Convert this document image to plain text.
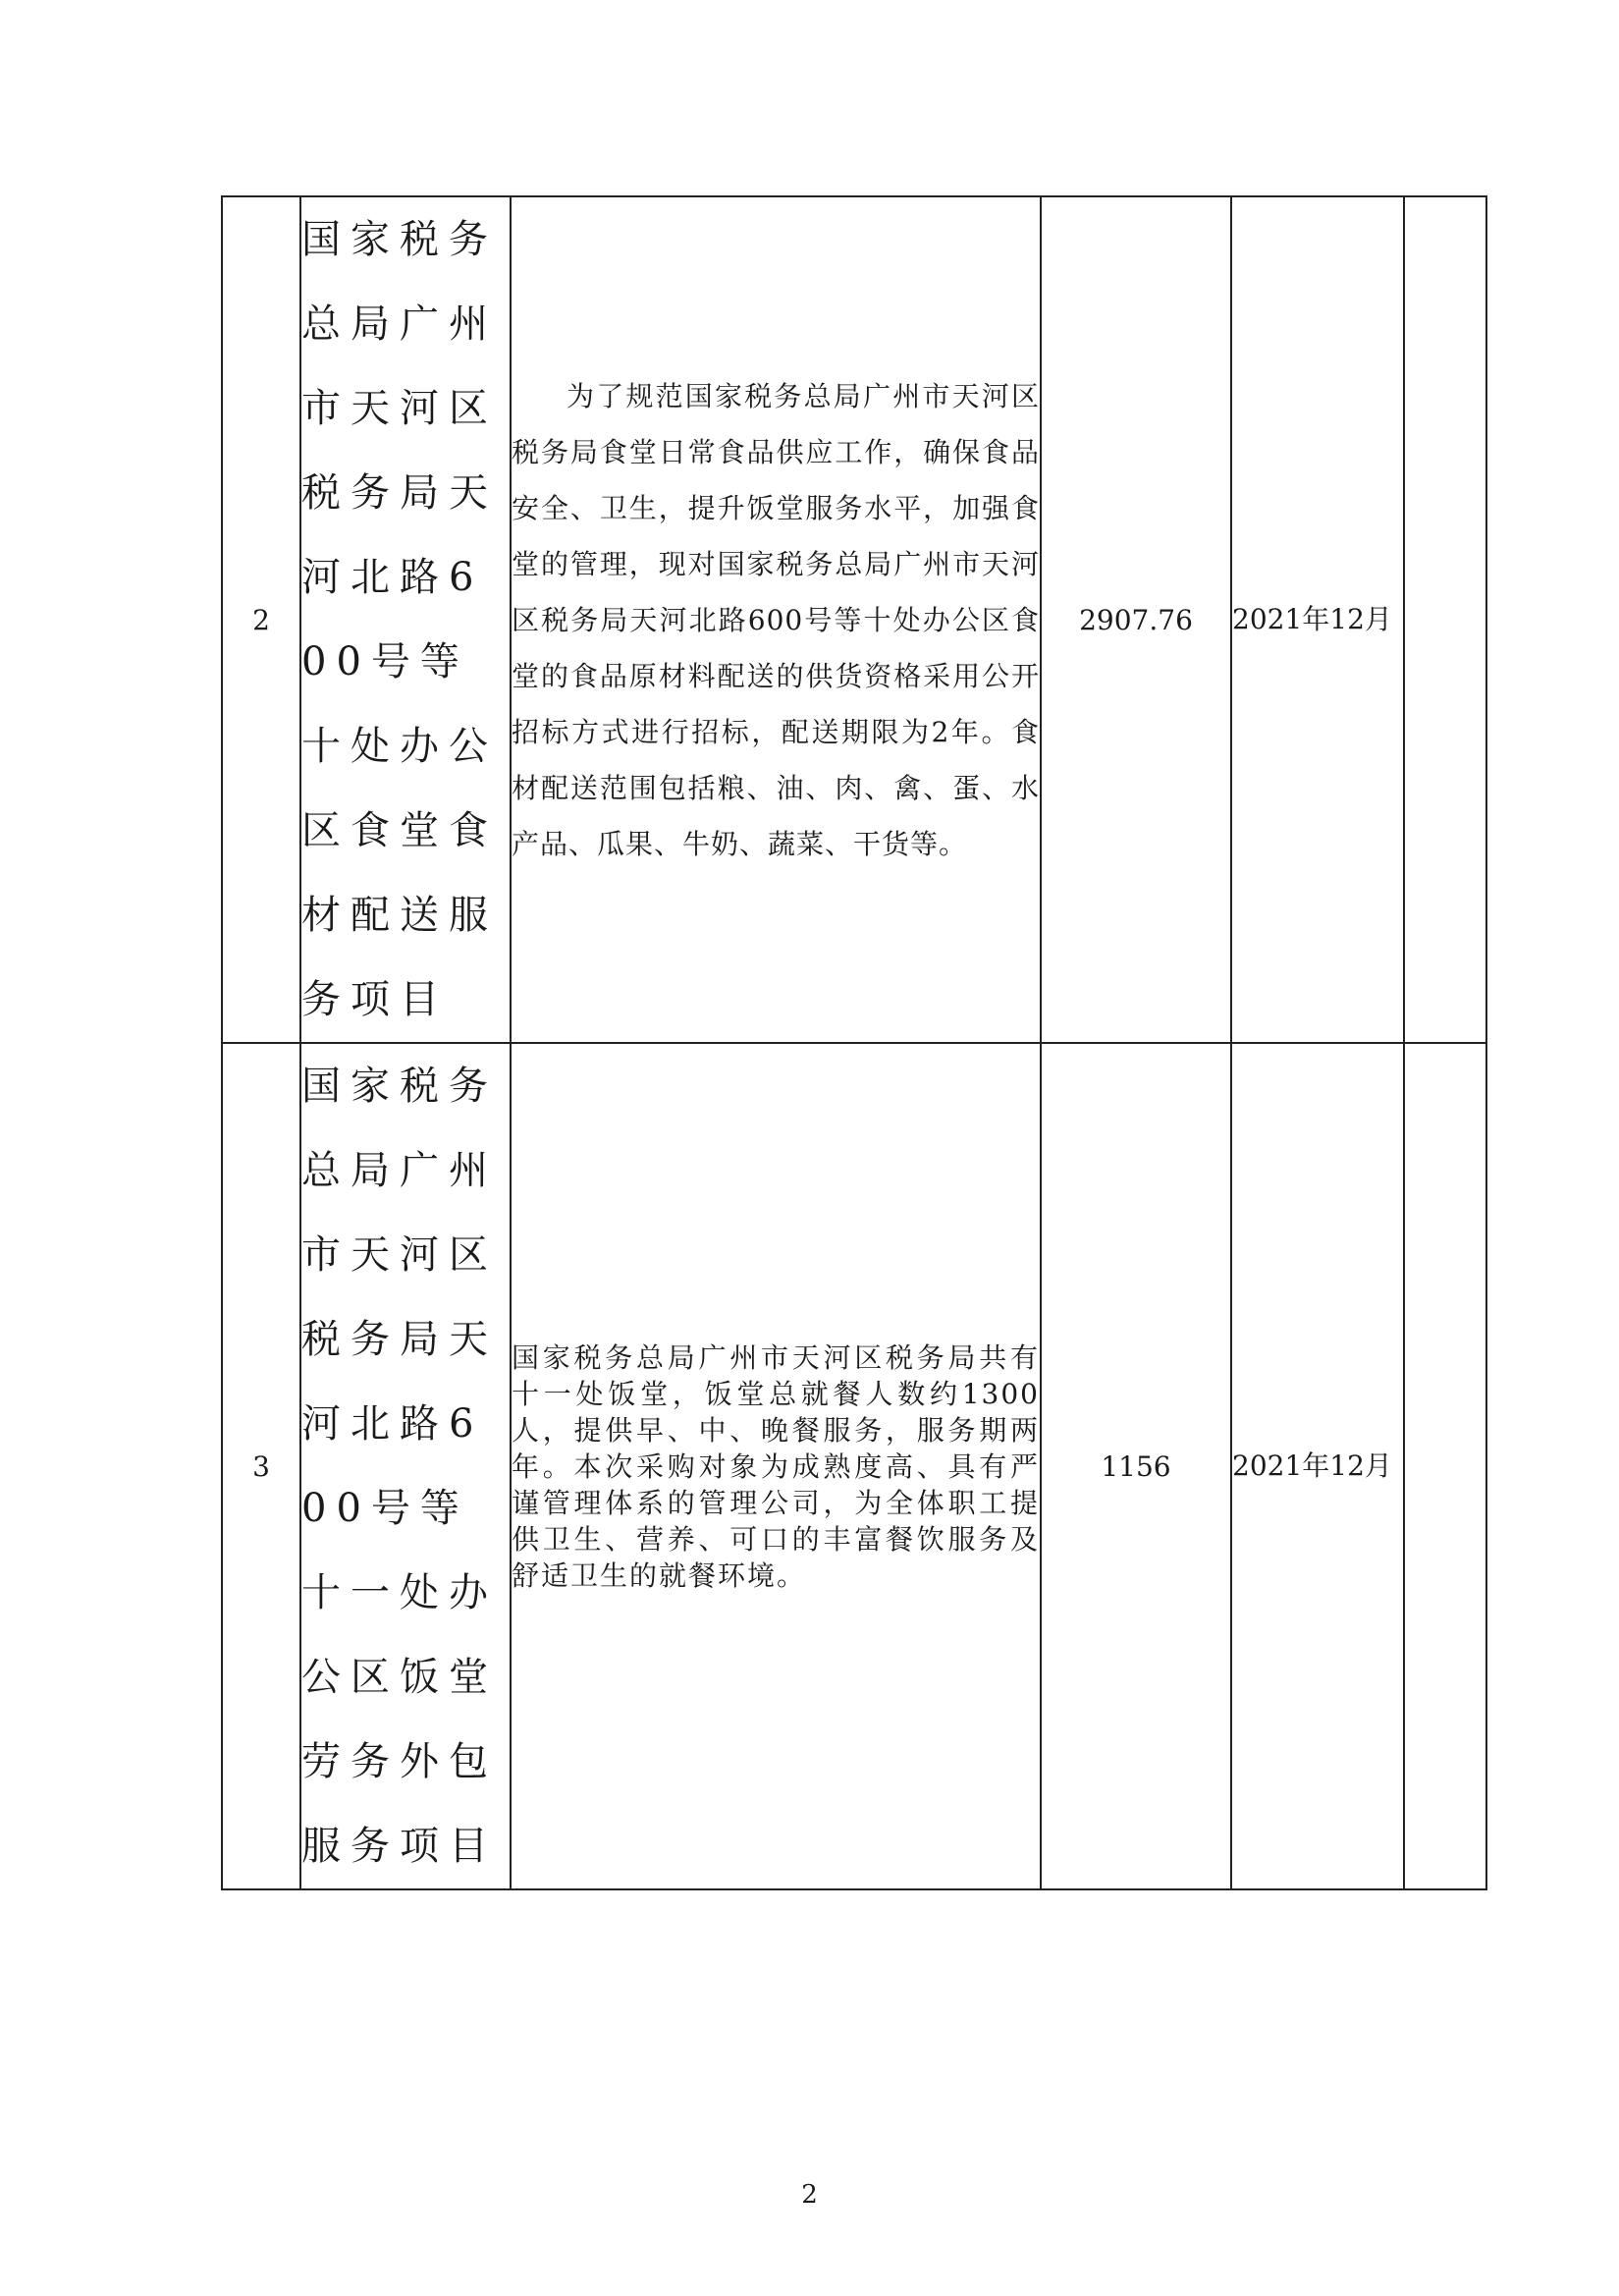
2	国家税务总局广州市天河区税务局天河北路600号等十处办公区食堂食材配送服务项目	为了规范国家税务总局广州市天河区税务局食堂日常食品供应工作，确保食品安全、卫生，提升饭堂服务水平，加强食堂的管理，现对国家税务总局广州市天河区税务局天河北路600号等十处办公区食堂的食品原材料配送的供货资格采用公开招标方式进行招标，配送期限为2年。食材配送范围包括粮、油、肉、禽、蛋、水产品、瓜果、牛奶、蔬菜、干货等。	2907.76	2021年12月	
3	国家税务总局广州市天河区税务局天河北路600号等十一处办公区饭堂劳务外包服务项目	国家税务总局广州市天河区税务局共有十一处饭堂，饭堂总就餐人数约1300人，提供早、中、晚餐服务，服务期两年。本次采购对象为成熟度高、具有严谨管理体系的管理公司，为全体职工提供卫生、营养、可口的丰富餐饮服务及舒适卫生的就餐环境。	1156	2021年12月	
2
